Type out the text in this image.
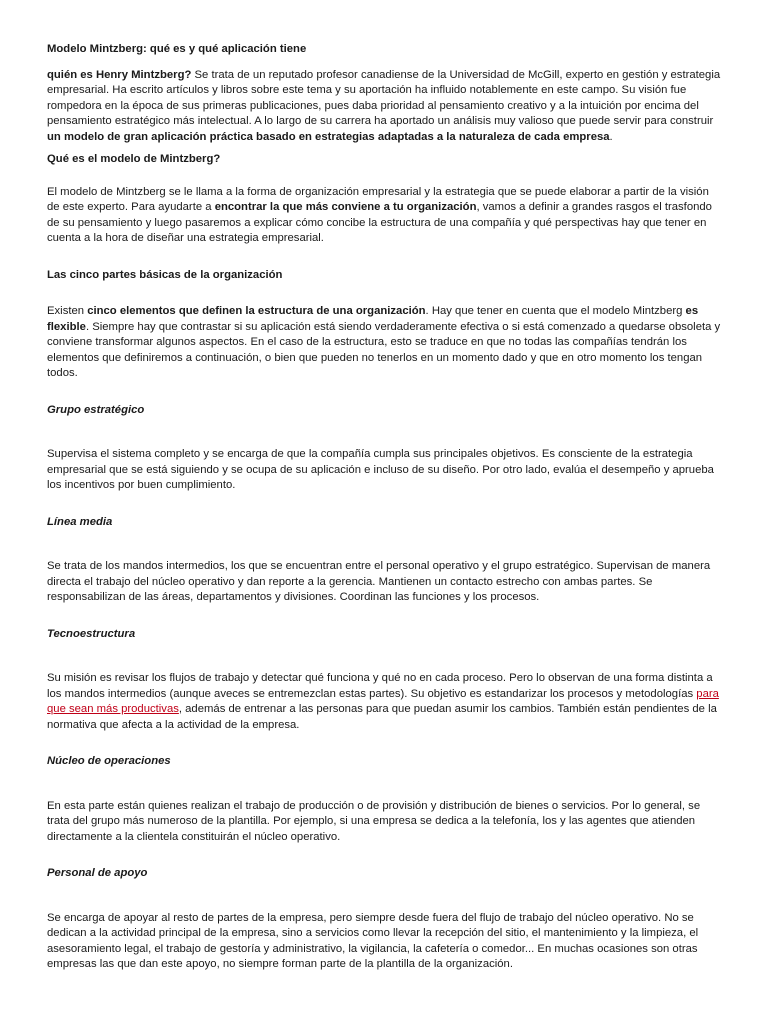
Modelo Mintzberg: qué es y qué aplicación tiene

quién es Henry Mintzberg? Se trata de un reputado profesor canadiense de la Universidad de McGill, experto en gestión y estrategia empresarial. Ha escrito artículos y libros sobre este tema y su aportación ha influido notablemente en este campo. Su visión fue rompedora en la época de sus primeras publicaciones, pues daba prioridad al pensamiento creativo y a la intuición por encima del pensamiento estratégico más intelectual. A lo largo de su carrera ha aportado un análisis muy valioso que puede servir para construir un modelo de gran aplicación práctica basado en estrategias adaptadas a la naturaleza de cada empresa.

Qué es el modelo de Mintzberg?

El modelo de Mintzberg se le llama a la forma de organización empresarial y la estrategia que se puede elaborar a partir de la visión de este experto. Para ayudarte a encontrar la que más conviene a tu organización, vamos a definir a grandes rasgos el trasfondo de su pensamiento y luego pasaremos a explicar cómo concibe la estructura de una compañía y qué perspectivas hay que tener en cuenta a la hora de diseñar una estrategia empresarial.

Las cinco partes básicas de la organización

Existen cinco elementos que definen la estructura de una organización. Hay que tener en cuenta que el modelo Mintzberg es flexible. Siempre hay que contrastar si su aplicación está siendo verdaderamente efectiva o si está comenzado a quedarse obsoleta y conviene transformar algunos aspectos. En el caso de la estructura, esto se traduce en que no todas las compañías tendrán los elementos que definiremos a continuación, o bien que pueden no tenerlos en un momento dado y que en otro momento los tengan todos.

Grupo estratégico

Supervisa el sistema completo y se encarga de que la compañía cumpla sus principales objetivos. Es consciente de la estrategia empresarial que se está siguiendo y se ocupa de su aplicación e incluso de su diseño. Por otro lado, evalúa el desempeño y aprueba los incentivos por buen cumplimiento.

Línea media

Se trata de los mandos intermedios, los que se encuentran entre el personal operativo y el grupo estratégico. Supervisan de manera directa el trabajo del núcleo operativo y dan reporte a la gerencia. Mantienen un contacto estrecho con ambas partes. Se responsabilizan de las áreas, departamentos y divisiones. Coordinan las funciones y los procesos.

Tecnoestructura

Su misión es revisar los flujos de trabajo y detectar qué funciona y qué no en cada proceso. Pero lo observan de una forma distinta a los mandos intermedios (aunque aveces se entremezclan estas partes). Su objetivo es estandarizar los procesos y metodologías para que sean más productivas, además de entrenar a las personas para que puedan asumir los cambios. También están pendientes de la normativa que afecta a la actividad de la empresa.

Núcleo de operaciones

En esta parte están quienes realizan el trabajo de producción o de provisión y distribución de bienes o servicios. Por lo general, se trata del grupo más numeroso de la plantilla. Por ejemplo, si una empresa se dedica a la telefonía, los y las agentes que atienden directamente a la clientela constituirán el núcleo operativo.

Personal de apoyo

Se encarga de apoyar al resto de partes de la empresa, pero siempre desde fuera del flujo de trabajo del núcleo operativo. No se dedican a la actividad principal de la empresa, sino a servicios como llevar la recepción del sitio, el mantenimiento y la limpieza, el asesoramiento legal, el trabajo de gestoría y administrativo, la vigilancia, la cafetería o comedor... En muchas ocasiones son otras empresas las que dan este apoyo, no siempre forman parte de la plantilla de la organización.
